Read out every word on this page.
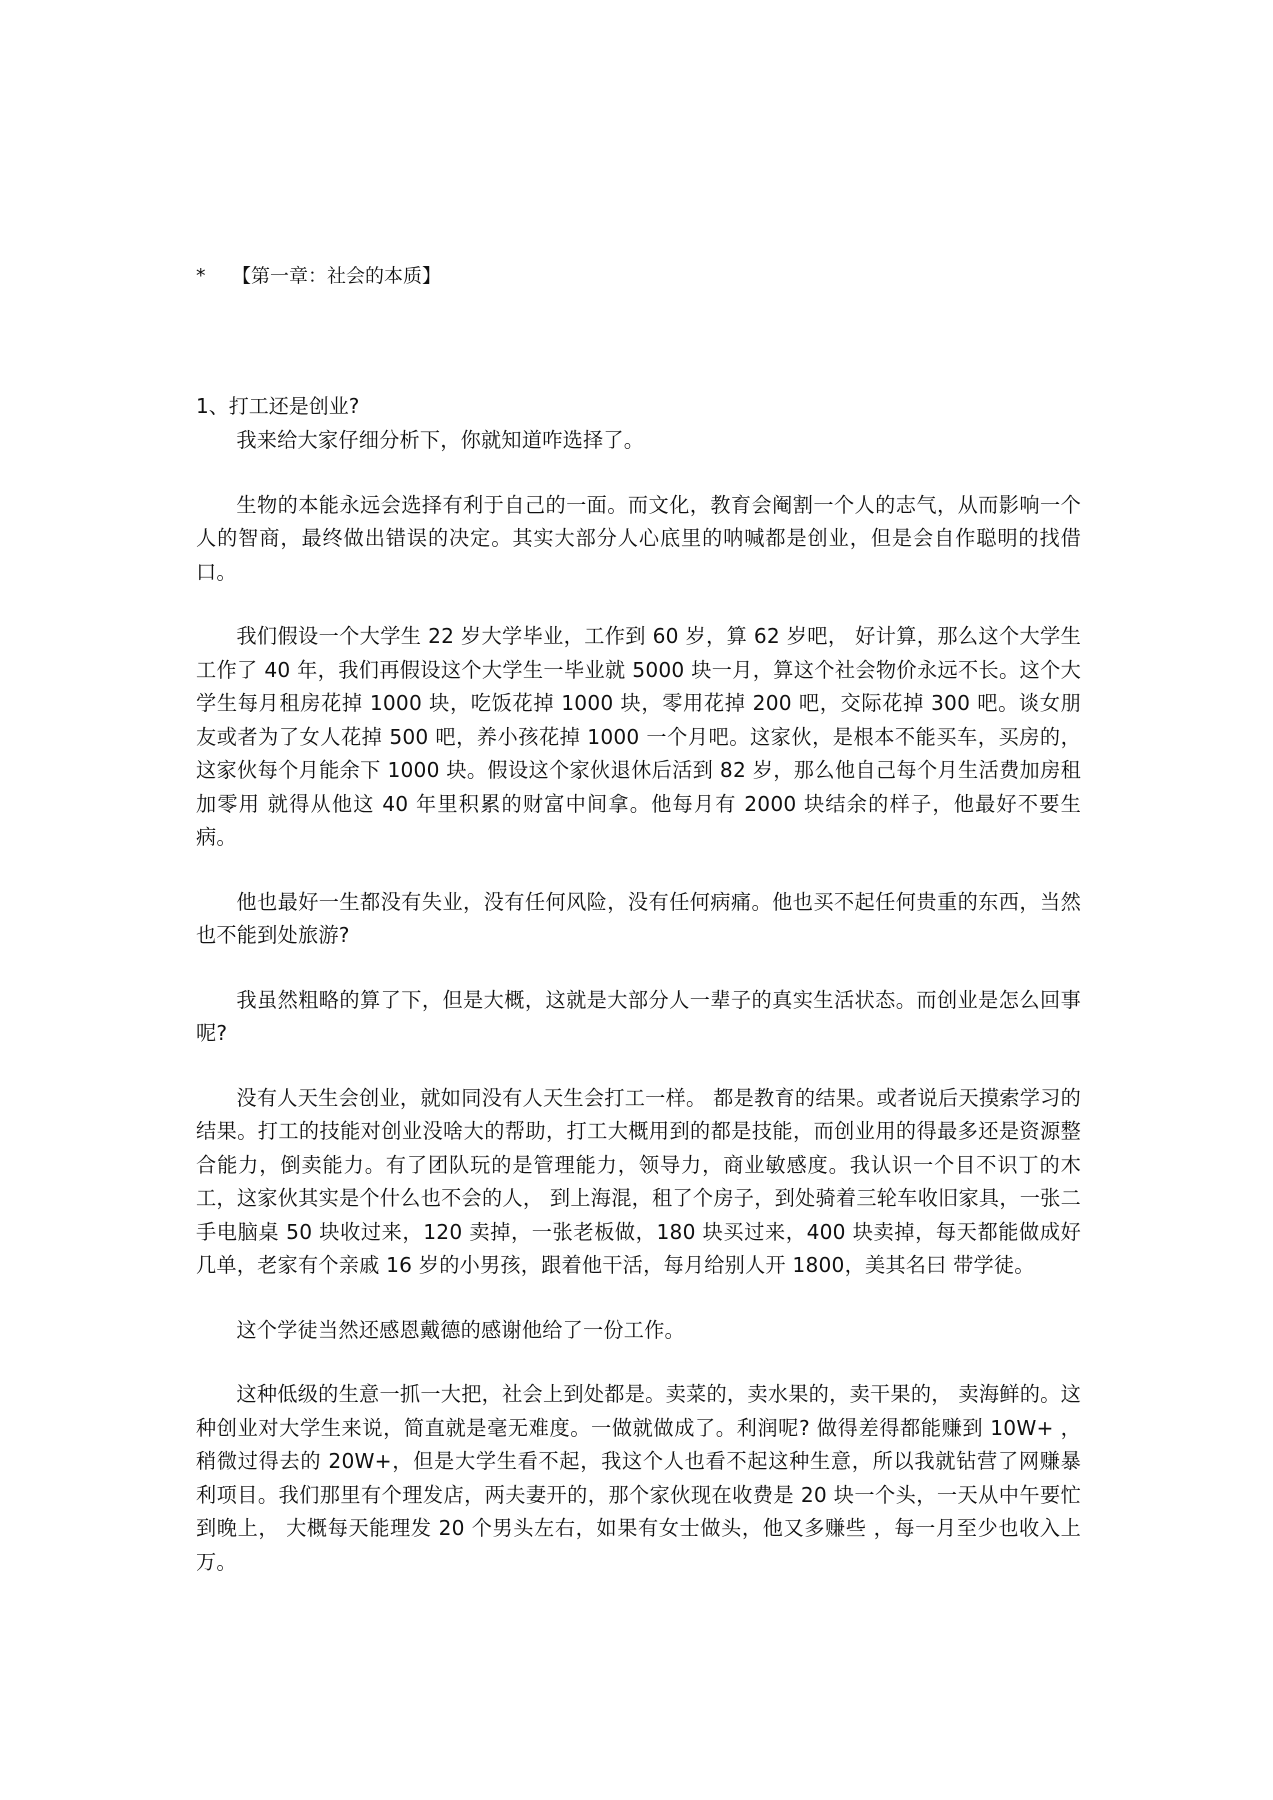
* 【第一章：社会的本质】
1、打工还是创业?

我来给大家仔细分析下，你就知道咋选择了。

生物的本能永远会选择有利于自己的一面。而文化，教育会阉割一个人的志气，从而影响一个人的智商，最终做出错误的决定。其实大部分人心底里的呐喊都是创业，但是会自作聪明的找借口。

我们假设一个大学生 22 岁大学毕业，工作到 60 岁，算 62 岁吧， 好计算，那么这个大学生工作了 40 年，我们再假设这个大学生一毕业就 5000 块一月，算这个社会物价永远不长。这个大学生每月租房花掉 1000 块，吃饭花掉 1000 块，零用花掉 200 吧，交际花掉 300 吧。谈女朋友或者为了女人花掉 500 吧，养小孩花掉 1000 一个月吧。这家伙，是根本不能买车，买房的，这家伙每个月能余下 1000 块。假设这个家伙退休后活到 82 岁，那么他自己每个月生活费加房租加零用 就得从他这 40 年里积累的财富中间拿。他每月有 2000 块结余的样子，他最好不要生病。

他也最好一生都没有失业，没有任何风险，没有任何病痛。他也买不起任何贵重的东西，当然也不能到处旅游?

我虽然粗略的算了下，但是大概，这就是大部分人一辈子的真实生活状态。而创业是怎么回事呢?

没有人天生会创业，就如同没有人天生会打工一样。 都是教育的结果。或者说后天摸索学习的结果。打工的技能对创业没啥大的帮助，打工大概用到的都是技能，而创业用的得最多还是资源整合能力，倒卖能力。有了团队玩的是管理能力，领导力，商业敏感度。我认识一个目不识丁的木工，这家伙其实是个什么也不会的人， 到上海混，租了个房子，到处骑着三轮车收旧家具，一张二手电脑桌 50 块收过来，120 卖掉，一张老板做，180 块买过来，400 块卖掉，每天都能做成好几单，老家有个亲戚 16 岁的小男孩，跟着他干活，每月给别人开 1800，美其名曰 带学徒。

这个学徒当然还感恩戴德的感谢他给了一份工作。

这种低级的生意一抓一大把，社会上到处都是。卖菜的，卖水果的，卖干果的， 卖海鲜的。这种创业对大学生来说，简直就是毫无难度。一做就做成了。利润呢? 做得差得都能赚到 10W+ ，稍微过得去的 20W+，但是大学生看不起，我这个人也看不起这种生意，所以我就钻营了网赚暴利项目。我们那里有个理发店，两夫妻开的，那个家伙现在收费是 20 块一个头，一天从中午要忙到晚上， 大概每天能理发 20 个男头左右，如果有女士做头，他又多赚些 ，每一月至少也收入上万。
